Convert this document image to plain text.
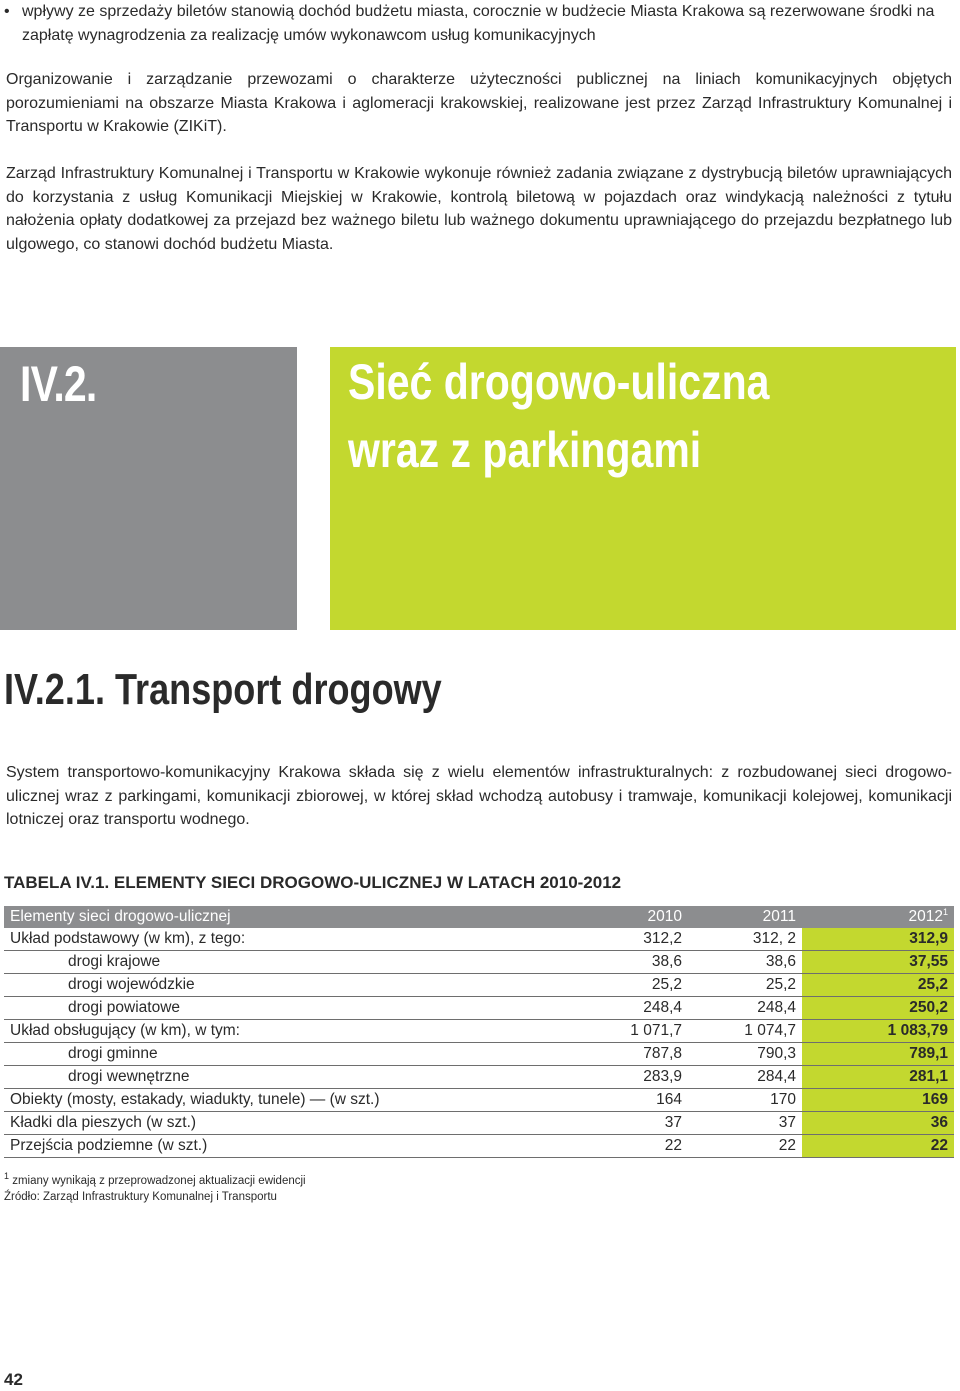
• wpływy ze sprzedaży biletów stanowią dochód budżetu miasta, corocznie w budżecie Miasta Krakowa są rezerwowane środki na zapłatę wynagrodzenia za realizację umów wykonawcom usług komunikacyjnych

Organizowanie i zarządzanie przewozami o charakterze użyteczności publicznej na liniach komunikacyjnych objętych porozumieniami na obszarze Miasta Krakowa i aglomeracji krakowskiej, realizowane jest przez Zarząd Infrastruktury Komunalnej i Transportu w Krakowie (ZIKiT).

Zarząd Infrastruktury Komunalnej i Transportu w Krakowie wykonuje również zadania związane z dystrybucją biletów uprawniających do korzystania z usług Komunikacji Miejskiej w Krakowie, kontrolą biletową w pojazdach oraz windykacją należności z tytułu nałożenia opłaty dodatkowej za przejazd bez ważnego biletu lub ważnego dokumentu uprawniającego do przejazdu bezpłatnego lub ulgowego, co stanowi dochód budżetu Miasta.

IV.2.	Sieć drogowo-uliczna
wraz z parkingami
IV.2.1. Transport drogowy

System transportowo-komunikacyjny Krakowa składa się z wielu elementów infrastrukturalnych: z rozbudowanej sieci drogowo-ulicznej wraz z parkingami, komunikacji zbiorowej, w której skład wchodzą autobusy i tramwaje, komunikacji kolejowej, komunikacji lotniczej oraz transportu wodnego.

TABELA IV.1. ELEMENTY SIECI DROGOWO-ULICZNEJ W LATACH 2010-2012
Elementy sieci drogowo-ulicznej	2010	2011	2012$^1$
Układ podstawowy (w km), z tego:	312,2	312, 2	312,9
drogi krajowe	38,6	38,6	37,55
drogi wojewódzkie	25,2	25,2	25,2
drogi powiatowe	248,4	248,4	250,2
Układ obsługujący (w km), w tym:	1 071,7	1 074,7	1 083,79
drogi gminne	787,8	790,3	789,1
drogi wewnętrzne	283,9	284,4	281,1
Obiekty (mosty, estakady, wiadukty, tunele) — (w szt.)	164	170	169
Kładki dla pieszych (w szt.)	37	37	36
Przejścia podziemne (w szt.)	22	22	22
$^1$ zmiany wynikają z przeprowadzonej aktualizacji ewidencji
Źródło: Zarząd Infrastruktury Komunalnej i Transportu
42
